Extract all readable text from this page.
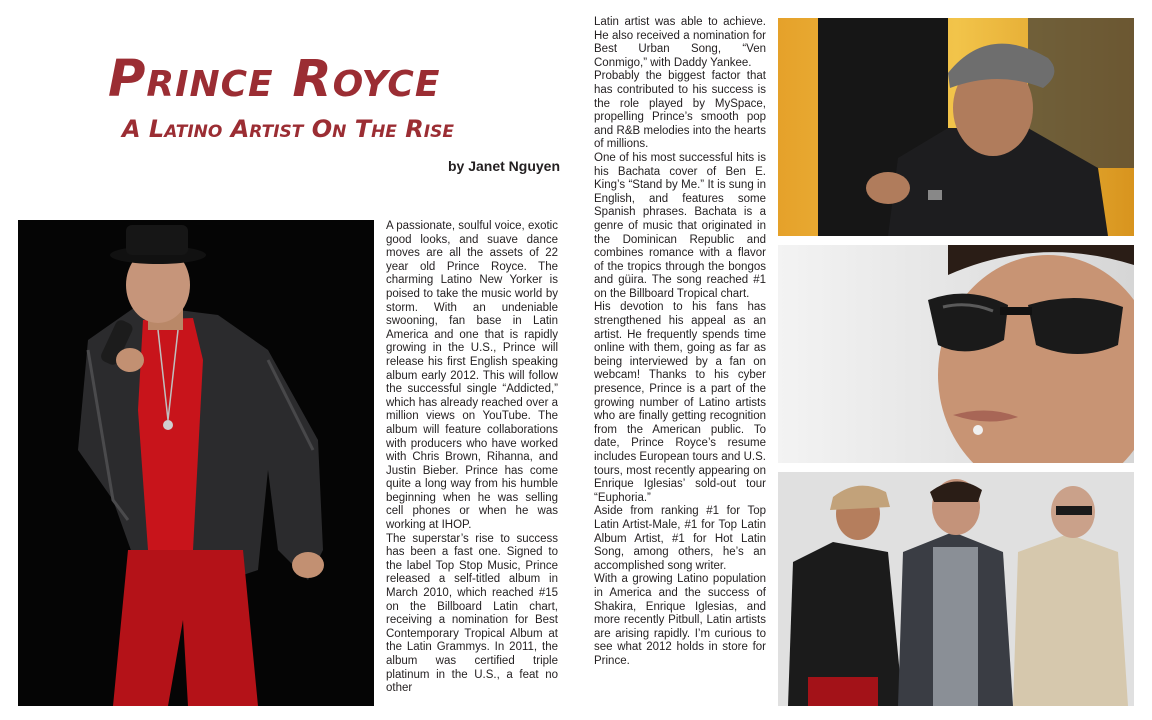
Prince Royce
A Latino Artist On The Rise
by Janet Nguyen

A passionate, soulful voice, exotic good looks, and suave dance moves are all the assets of 22 year old Prince Royce. The charming Latino New Yorker is poised to take the music world by storm. With an undeniable swooning, fan base in Latin America and one that is rapidly growing in the U.S., Prince will release his first English speaking album early 2012. This will follow the successful single “Addicted,” which has already reached over a million views on YouTube. The album will feature collaborations with producers who have worked with Chris Brown, Rihanna, and Justin Bieber. Prince has come quite a long way from his humble beginning when he was selling cell phones or when he was working at IHOP.

The superstar’s rise to success has been a fast one. Signed to the label Top Stop Music, Prince released a self-titled album in March 2010, which reached #15 on the Billboard Latin chart, receiving a nomination for Best Contemporary Tropical Album at the Latin Grammys. In 2011, the album was certified triple platinum in the U.S., a feat no other

Latin artist was able to achieve. He also received a nomination for Best Urban Song, “Ven Conmigo,” with Daddy Yankee.

Probably the biggest factor that has contributed to his success is the role played by MySpace, propelling Prince’s smooth pop and R&B melodies into the hearts of millions.

One of his most successful hits is his Bachata cover of Ben E. King’s “Stand by Me.” It is sung in English, and features some Spanish phrases. Bachata is a genre of music that originated in the Dominican Republic and combines romance with a flavor of the tropics through the bongos and güira. The song reached #1 on the Billboard Tropical chart.

His devotion to his fans has strengthened his appeal as an artist. He frequently spends time online with them, going as far as being interviewed by a fan on webcam! Thanks to his cyber presence, Prince is a part of the growing number of Latino artists who are finally getting recognition from the American public. To date, Prince Royce’s resume includes European tours and U.S. tours, most recently appearing on Enrique Iglesias’ sold-out tour “Euphoria.”

Aside from ranking #1 for Top Latin Artist-Male, #1 for Top Latin Album Artist, #1 for Hot Latin Song, among others, he’s an accomplished song writer.

With a growing Latino population in America and the success of Shakira, Enrique Iglesias, and more recently Pitbull, Latin artists are arising rapidly. I’m curious to see what 2012 holds in store for Prince.
